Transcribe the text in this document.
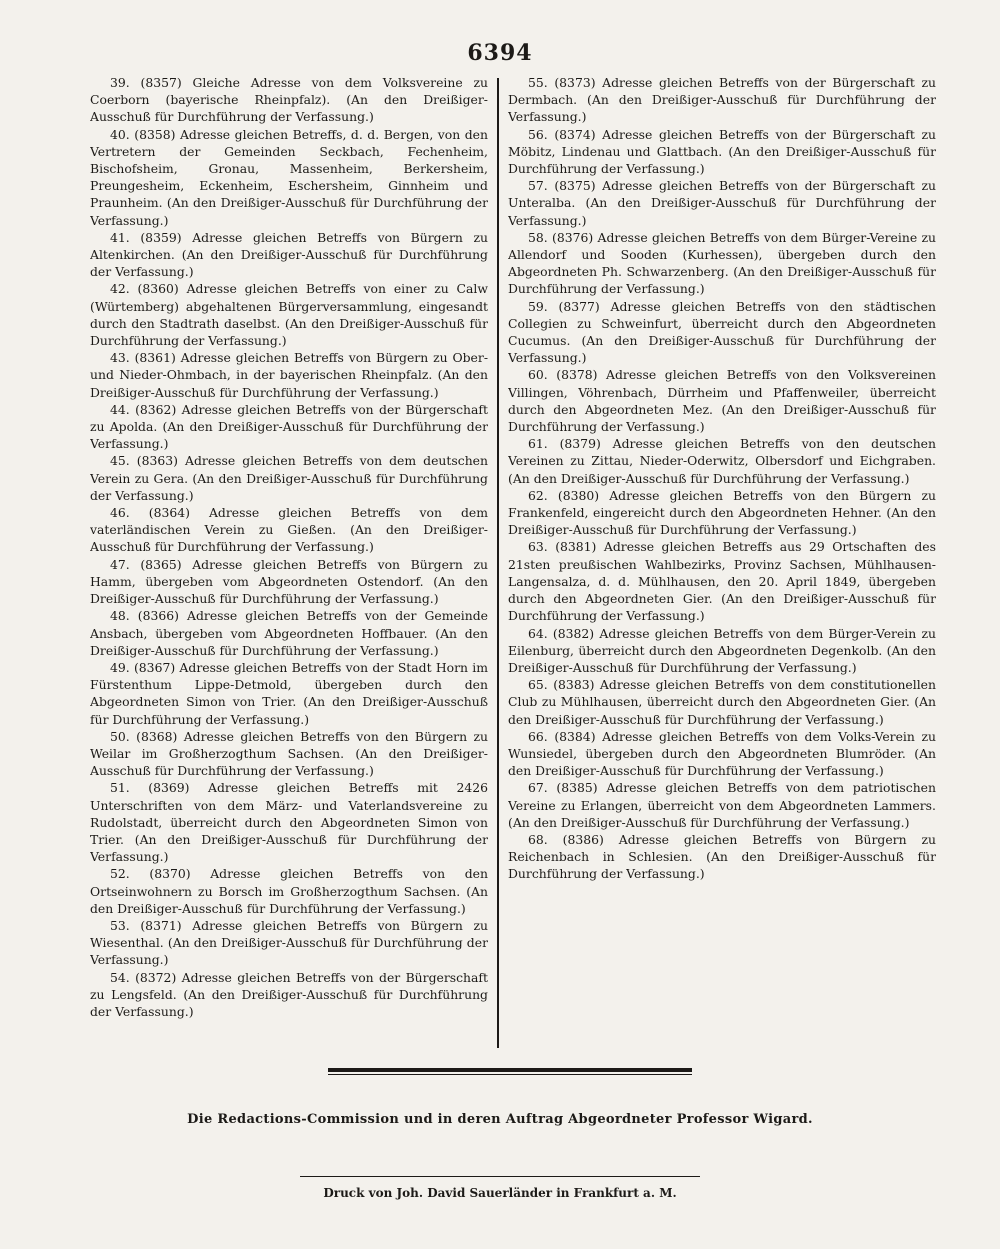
6394

39. (8357) Gleiche Adresse von dem Volksvereine zu Coerborn (bayerische Rheinpfalz). (An den Dreißiger-Ausschuß für Durchführung der Verfassung.)

40. (8358) Adresse gleichen Betreffs, d. d. Bergen, von den Vertretern der Gemeinden Seckbach, Fechenheim, Bischofsheim, Gronau, Massenheim, Berkersheim, Preungesheim, Eckenheim, Eschersheim, Ginnheim und Praunheim. (An den Dreißiger-Ausschuß für Durchführung der Verfassung.)

41. (8359) Adresse gleichen Betreffs von Bürgern zu Altenkirchen. (An den Dreißiger-Ausschuß für Durchführung der Verfassung.)

42. (8360) Adresse gleichen Betreffs von einer zu Calw (Würtemberg) abgehaltenen Bürgerversammlung, eingesandt durch den Stadtrath daselbst. (An den Dreißiger-Ausschuß für Durchführung der Verfassung.)

43. (8361) Adresse gleichen Betreffs von Bürgern zu Ober- und Nieder-Ohmbach, in der bayerischen Rheinpfalz. (An den Dreißiger-Ausschuß für Durchführung der Verfassung.)

44. (8362) Adresse gleichen Betreffs von der Bürgerschaft zu Apolda. (An den Dreißiger-Ausschuß für Durchführung der Verfassung.)

45. (8363) Adresse gleichen Betreffs von dem deutschen Verein zu Gera. (An den Dreißiger-Ausschuß für Durchführung der Verfassung.)

46. (8364) Adresse gleichen Betreffs von dem vaterländischen Verein zu Gießen. (An den Dreißiger-Ausschuß für Durchführung der Verfassung.)

47. (8365) Adresse gleichen Betreffs von Bürgern zu Hamm, übergeben vom Abgeordneten Ostendorf. (An den Dreißiger-Ausschuß für Durchführung der Verfassung.)

48. (8366) Adresse gleichen Betreffs von der Gemeinde Ansbach, übergeben vom Abgeordneten Hoffbauer. (An den Dreißiger-Ausschuß für Durchführung der Verfassung.)

49. (8367) Adresse gleichen Betreffs von der Stadt Horn im Fürstenthum Lippe-Detmold, übergeben durch den Abgeordneten Simon von Trier. (An den Dreißiger-Ausschuß für Durchführung der Verfassung.)

50. (8368) Adresse gleichen Betreffs von den Bürgern zu Weilar im Großherzogthum Sachsen. (An den Dreißiger-Ausschuß für Durchführung der Verfassung.)

51. (8369) Adresse gleichen Betreffs mit 2426 Unterschriften von dem März- und Vaterlandsvereine zu Rudolstadt, überreicht durch den Abgeordneten Simon von Trier. (An den Dreißiger-Ausschuß für Durchführung der Verfassung.)

52. (8370) Adresse gleichen Betreffs von den Ortseinwohnern zu Borsch im Großherzogthum Sachsen. (An den Dreißiger-Ausschuß für Durchführung der Verfassung.)

53. (8371) Adresse gleichen Betreffs von Bürgern zu Wiesenthal. (An den Dreißiger-Ausschuß für Durchführung der Verfassung.)

54. (8372) Adresse gleichen Betreffs von der Bürgerschaft zu Lengsfeld. (An den Dreißiger-Ausschuß für Durchführung der Verfassung.)

55. (8373) Adresse gleichen Betreffs von der Bürgerschaft zu Dermbach. (An den Dreißiger-Ausschuß für Durchführung der Verfassung.)

56. (8374) Adresse gleichen Betreffs von der Bürgerschaft zu Möbitz, Lindenau und Glattbach. (An den Dreißiger-Ausschuß für Durchführung der Verfassung.)

57. (8375) Adresse gleichen Betreffs von der Bürgerschaft zu Unteralba. (An den Dreißiger-Ausschuß für Durchführung der Verfassung.)

58. (8376) Adresse gleichen Betreffs von dem Bürger-Vereine zu Allendorf und Sooden (Kurhessen), übergeben durch den Abgeordneten Ph. Schwarzenberg. (An den Dreißiger-Ausschuß für Durchführung der Verfassung.)

59. (8377) Adresse gleichen Betreffs von den städtischen Collegien zu Schweinfurt, überreicht durch den Abgeordneten Cucumus. (An den Dreißiger-Ausschuß für Durchführung der Verfassung.)

60. (8378) Adresse gleichen Betreffs von den Volksvereinen Villingen, Vöhrenbach, Dürrheim und Pfaffenweiler, überreicht durch den Abgeordneten Mez. (An den Dreißiger-Ausschuß für Durchführung der Verfassung.)

61. (8379) Adresse gleichen Betreffs von den deutschen Vereinen zu Zittau, Nieder-Oderwitz, Olbersdorf und Eichgraben. (An den Dreißiger-Ausschuß für Durchführung der Verfassung.)

62. (8380) Adresse gleichen Betreffs von den Bürgern zu Frankenfeld, eingereicht durch den Abgeordneten Hehner. (An den Dreißiger-Ausschuß für Durchführung der Verfassung.)

63. (8381) Adresse gleichen Betreffs aus 29 Ortschaften des 21sten preußischen Wahlbezirks, Provinz Sachsen, Mühlhausen-Langensalza, d. d. Mühlhausen, den 20. April 1849, übergeben durch den Abgeordneten Gier. (An den Dreißiger-Ausschuß für Durchführung der Verfassung.)

64. (8382) Adresse gleichen Betreffs von dem Bürger-Verein zu Eilenburg, überreicht durch den Abgeordneten Degenkolb. (An den Dreißiger-Ausschuß für Durchführung der Verfassung.)

65. (8383) Adresse gleichen Betreffs von dem constitutionellen Club zu Mühlhausen, überreicht durch den Abgeordneten Gier. (An den Dreißiger-Ausschuß für Durchführung der Verfassung.)

66. (8384) Adresse gleichen Betreffs von dem Volks-Verein zu Wunsiedel, übergeben durch den Abgeordneten Blumröder. (An den Dreißiger-Ausschuß für Durchführung der Verfassung.)

67. (8385) Adresse gleichen Betreffs von dem patriotischen Vereine zu Erlangen, überreicht von dem Abgeordneten Lammers. (An den Dreißiger-Ausschuß für Durchführung der Verfassung.)

68. (8386) Adresse gleichen Betreffs von Bürgern zu Reichenbach in Schlesien. (An den Dreißiger-Ausschuß für Durchführung der Verfassung.)

Die Redactions-Commission und in deren Auftrag Abgeordneter Professor Wigard.
Druck von Joh. David Sauerländer in Frankfurt a. M.
